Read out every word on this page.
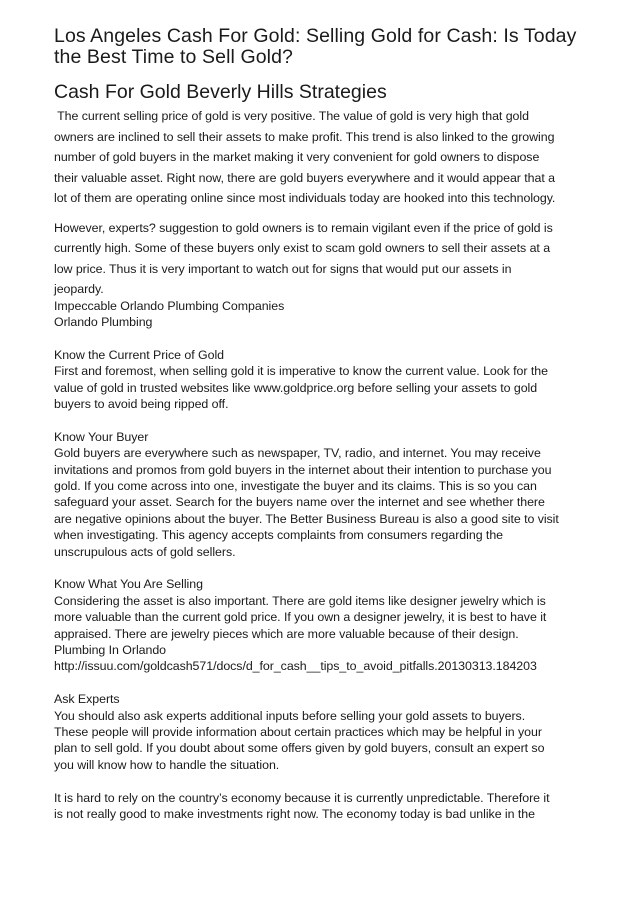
Los Angeles Cash For Gold: Selling Gold for Cash: Is Today
the Best Time to Sell Gold?
Cash For Gold Beverly Hills Strategies

The current selling price of gold is very positive. The value of gold is very high that gold
owners are inclined to sell their assets to make profit. This trend is also linked to the growing
number of gold buyers in the market making it very convenient for gold owners to dispose
their valuable asset. Right now, there are gold buyers everywhere and it would appear that a
lot of them are operating online since most individuals today are hooked into this technology.

However, experts? suggestion to gold owners is to remain vigilant even if the price of gold is
currently high. Some of these buyers only exist to scam gold owners to sell their assets at a
low price. Thus it is very important to watch out for signs that would put our assets in
jeopardy.

Impeccable Orlando Plumbing Companies
Orlando Plumbing
Know the Current Price of Gold
First and foremost, when selling gold it is imperative to know the current value. Look for the
value of gold in trusted websites like www.goldprice.org before selling your assets to gold
buyers to avoid being ripped off.
Know Your Buyer
Gold buyers are everywhere such as newspaper, TV, radio, and internet. You may receive
invitations and promos from gold buyers in the internet about their intention to purchase you
gold. If you come across into one, investigate the buyer and its claims. This is so you can
safeguard your asset. Search for the buyers name over the internet and see whether there
are negative opinions about the buyer. The Better Business Bureau is also a good site to visit
when investigating. This agency accepts complaints from consumers regarding the
unscrupulous acts of gold sellers.
Know What You Are Selling
Considering the asset is also important. There are gold items like designer jewelry which is
more valuable than the current gold price. If you own a designer jewelry, it is best to have it
appraised. There are jewelry pieces which are more valuable because of their design.
Plumbing In Orlando
http://issuu.com/goldcash571/docs/d_for_cash__tips_to_avoid_pitfalls.20130313.184203
Ask Experts
You should also ask experts additional inputs before selling your gold assets to buyers.
These people will provide information about certain practices which may be helpful in your
plan to sell gold. If you doubt about some offers given by gold buyers, consult an expert so
you will know how to handle the situation.
It is hard to rely on the country’s economy because it is currently unpredictable. Therefore it
is not really good to make investments right now. The economy today is bad unlike in the
